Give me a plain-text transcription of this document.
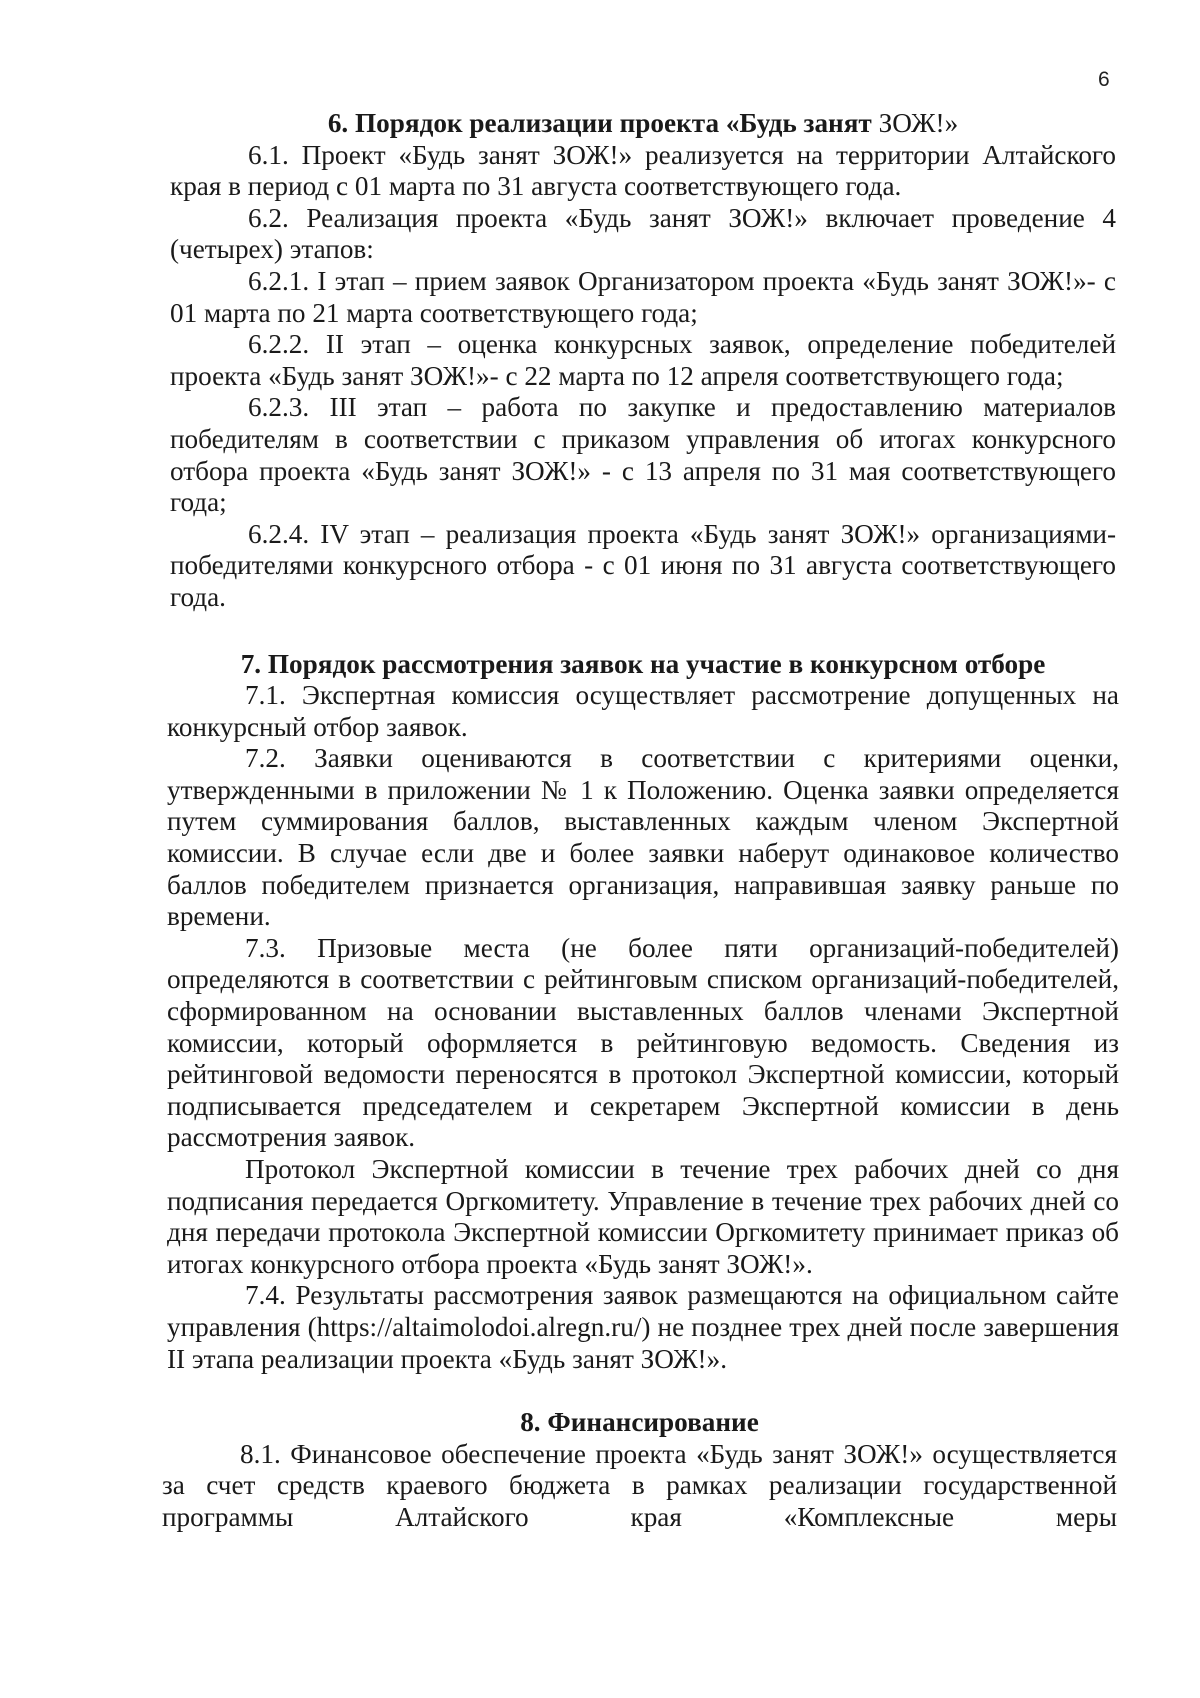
6
6. Порядок реализации проекта «Будь занят ЗОЖ!»

6.1. Проект «Будь занят ЗОЖ!» реализуется на территории Алтайского края в период с 01 марта по 31 августа соответствующего года.

6.2. Реализация проекта «Будь занят ЗОЖ!» включает проведение 4 (четырех) этапов:

6.2.1. I этап – прием заявок Организатором проекта «Будь занят ЗОЖ!»- с 01 марта по 21 марта соответствующего года;

6.2.2. II этап – оценка конкурсных заявок, определение победителей проекта «Будь занят ЗОЖ!»- с 22 марта по 12 апреля соответствующего года;

6.2.3. III этап – работа по закупке и предоставлению материалов победителям в соответствии с приказом управления об итогах конкурсного отбора проекта «Будь занят ЗОЖ!» - с 13 апреля по 31 мая соответствующего года;

6.2.4. IV этап – реализация проекта «Будь занят ЗОЖ!» организациями-победителями конкурсного отбора - с 01 июня по 31 августа соответствующего года.

7. Порядок рассмотрения заявок на участие в конкурсном отборе

7.1. Экспертная комиссия осуществляет рассмотрение допущенных на конкурсный отбор заявок.

7.2. Заявки оцениваются в соответствии с критериями оценки, утвержденными в приложении № 1 к Положению. Оценка заявки определяется путем суммирования баллов, выставленных каждым членом Экспертной комиссии. В случае если две и более заявки наберут одинаковое количество баллов победителем признается организация, направившая заявку раньше по времени.

7.3. Призовые места (не более пяти организаций-победителей) определяются в соответствии с рейтинговым списком организаций-победителей, сформированном на основании выставленных баллов членами Экспертной комиссии, который оформляется в рейтинговую ведомость. Сведения из рейтинговой ведомости переносятся в протокол Экспертной комиссии, который подписывается председателем и секретарем Экспертной комиссии в день рассмотрения заявок.

Протокол Экспертной комиссии в течение трех рабочих дней со дня подписания передается Оргкомитету. Управление в течение трех рабочих дней со дня передачи протокола Экспертной комиссии Оргкомитету принимает приказ об итогах конкурсного отбора проекта «Будь занят ЗОЖ!».

7.4. Результаты рассмотрения заявок размещаются на официальном сайте управления (https://altaimolodoi.alregn.ru/) не позднее трех дней после завершения II этапа реализации проекта «Будь занят ЗОЖ!».

8. Финансирование

8.1. Финансовое обеспечение проекта «Будь занят ЗОЖ!» осуществляется за счет средств краевого бюджета в рамках реализации государственной программы Алтайского края «Комплексные меры
